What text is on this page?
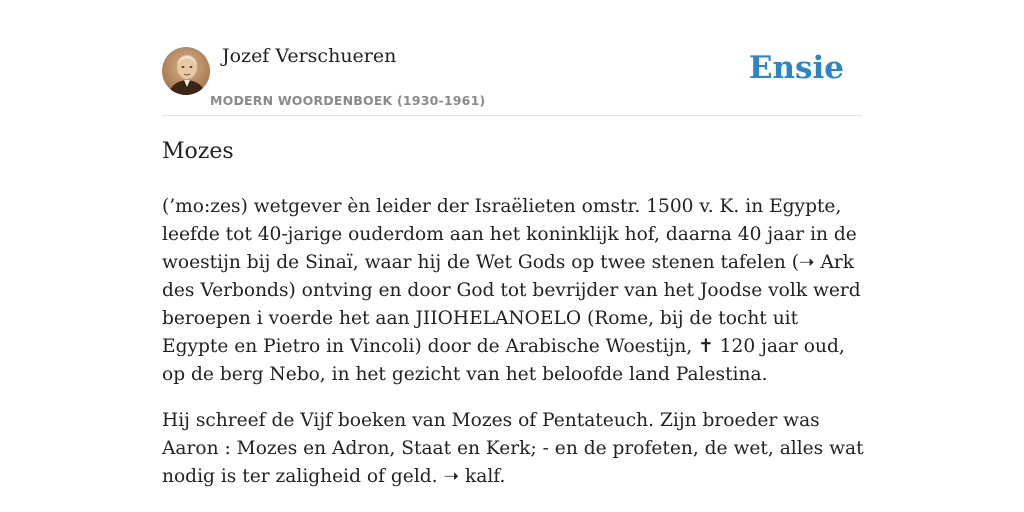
Jozef Verschueren
MODERN WOORDENBOEK (1930-1961)
Ensie
Mozes

(’mo:zes) wetgever èn leider der Israëlieten omstr. 1500 v. K. in Egypte, leefde tot 40-jarige ouderdom aan het koninklijk hof, daarna 40 jaar in de woestijn bij de Sinaï, waar hij de Wet Gods op twee stenen tafelen (➝ Ark des Verbonds) ontving en door God tot bevrijder van het Joodse volk werd beroepen i voerde het aan JIIOHELANOELO (Rome, bij de tocht uit Egypte en Pietro in Vincoli) door de Arabische Woestijn, ✝ 120 jaar oud, op de berg Nebo, in het gezicht van het beloofde land Palestina.

Hij schreef de Vijf boeken van Mozes of Pentateuch. Zijn broeder was Aaron : Mozes en Adron, Staat en Kerk; - en de profeten, de wet, alles wat nodig is ter zaligheid of geld. ➝ kalf.
